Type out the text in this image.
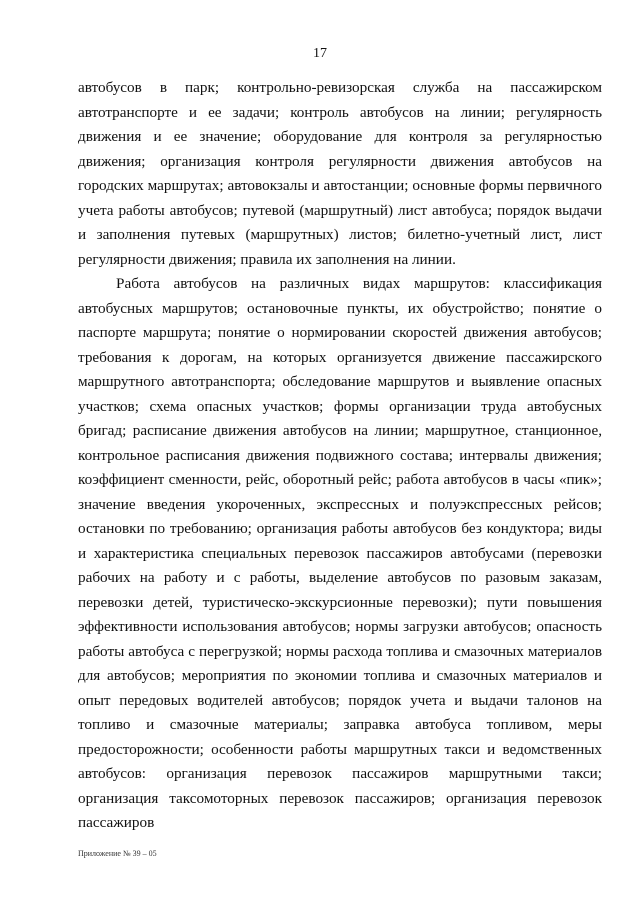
17

автобусов в парк; контрольно-ревизорская служба на пассажирском автотранспорте и ее задачи; контроль автобусов на линии; регулярность движения и ее значение; оборудование для контроля за регулярностью движения; организация контроля регулярности движения автобусов на городских маршрутах; автовокзалы и автостанции; основные формы первичного учета работы автобусов; путевой (маршрутный) лист автобуса; порядок выдачи и заполнения путевых (маршрутных) листов; билетно-учетный лист, лист регулярности движения; правила их заполнения на линии.

Работа автобусов на различных видах маршрутов: классификация автобусных маршрутов; остановочные пункты, их обустройство; понятие о паспорте маршрута; понятие о нормировании скоростей движения автобусов; требования к дорогам, на которых организуется движение пассажирского маршрутного автотранспорта; обследование маршрутов и выявление опасных участков; схема опасных участков; формы организации труда автобусных бригад; расписание движения автобусов на линии; маршрутное, станционное, контрольное расписания движения подвижного состава; интервалы движения; коэффициент сменности, рейс, оборотный рейс; работа автобусов в часы «пик»; значение введения укороченных, экспрессных и полуэкспрессных рейсов; остановки по требованию; организация работы автобусов без кондуктора; виды и характеристика специальных перевозок пассажиров автобусами (перевозки рабочих на работу и с работы, выделение автобусов по разовым заказам, перевозки детей, туристическо-экскурсионные перевозки); пути повышения эффективности использования автобусов; нормы загрузки автобусов; опасность работы автобуса с перегрузкой; нормы расхода топлива и смазочных материалов для автобусов; мероприятия по экономии топлива и смазочных материалов и опыт передовых водителей автобусов; порядок учета и выдачи талонов на топливо и смазочные материалы; заправка автобуса топливом, меры предосторожности; особенности работы маршрутных такси и ведомственных автобусов: организация перевозок пассажиров маршрутными такси; организация таксомоторных перевозок пассажиров; организация перевозок пассажиров

Приложение № 39 – 05
